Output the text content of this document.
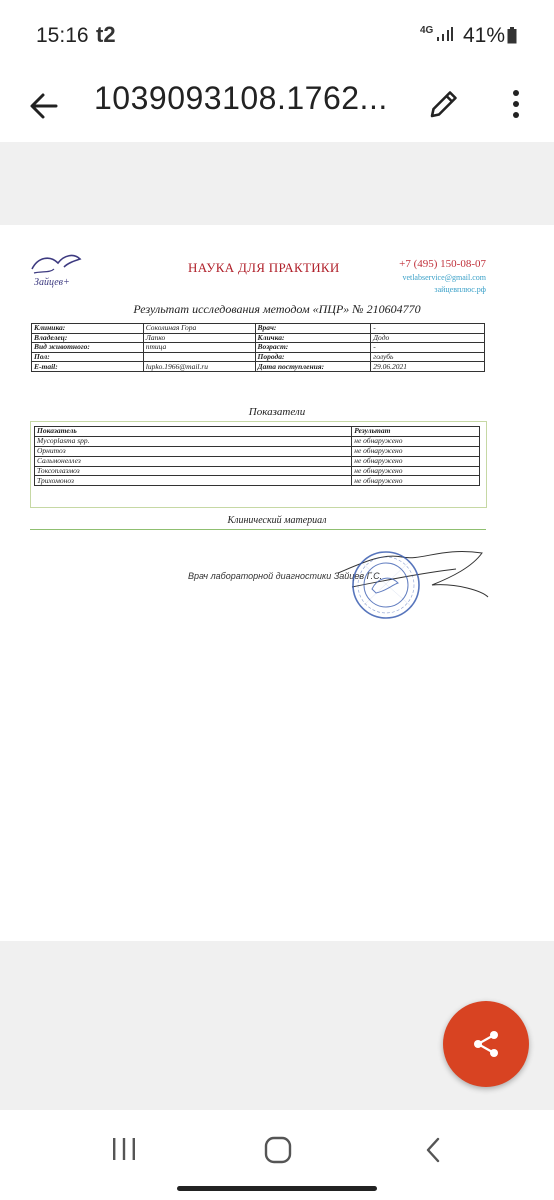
15:16 t2	4G 41%
1039093108.1762...
Зайцев+
НАУКА ДЛЯ ПРАКТИКИ	+7 (495) 150-08-07
vetlabservice@gmail.com
зайцевплюс.рф
Результат исследования методом «ПЦР» № 210604770
Клиника:	Соколиная Гора	Врач:	-
Владелец:	Лапко	Кличка:	Додо
Вид животного:	птица	Возраст:	-
Пол:		Порода:	голубь
E-mail:	lupko.1966@mail.ru	Дата поступления:	29.06.2021
Показатели
Показатель	Результат
Mycoplasma spp.	не обнаружено
Орнитоз	не обнаружено
Сальмонеллез	не обнаружено
Токсоплазмоз	не обнаружено
Трихомоноз	не обнаружено
Клинический материал
Врач лабораторной диагностики Зайцев Г.С.
